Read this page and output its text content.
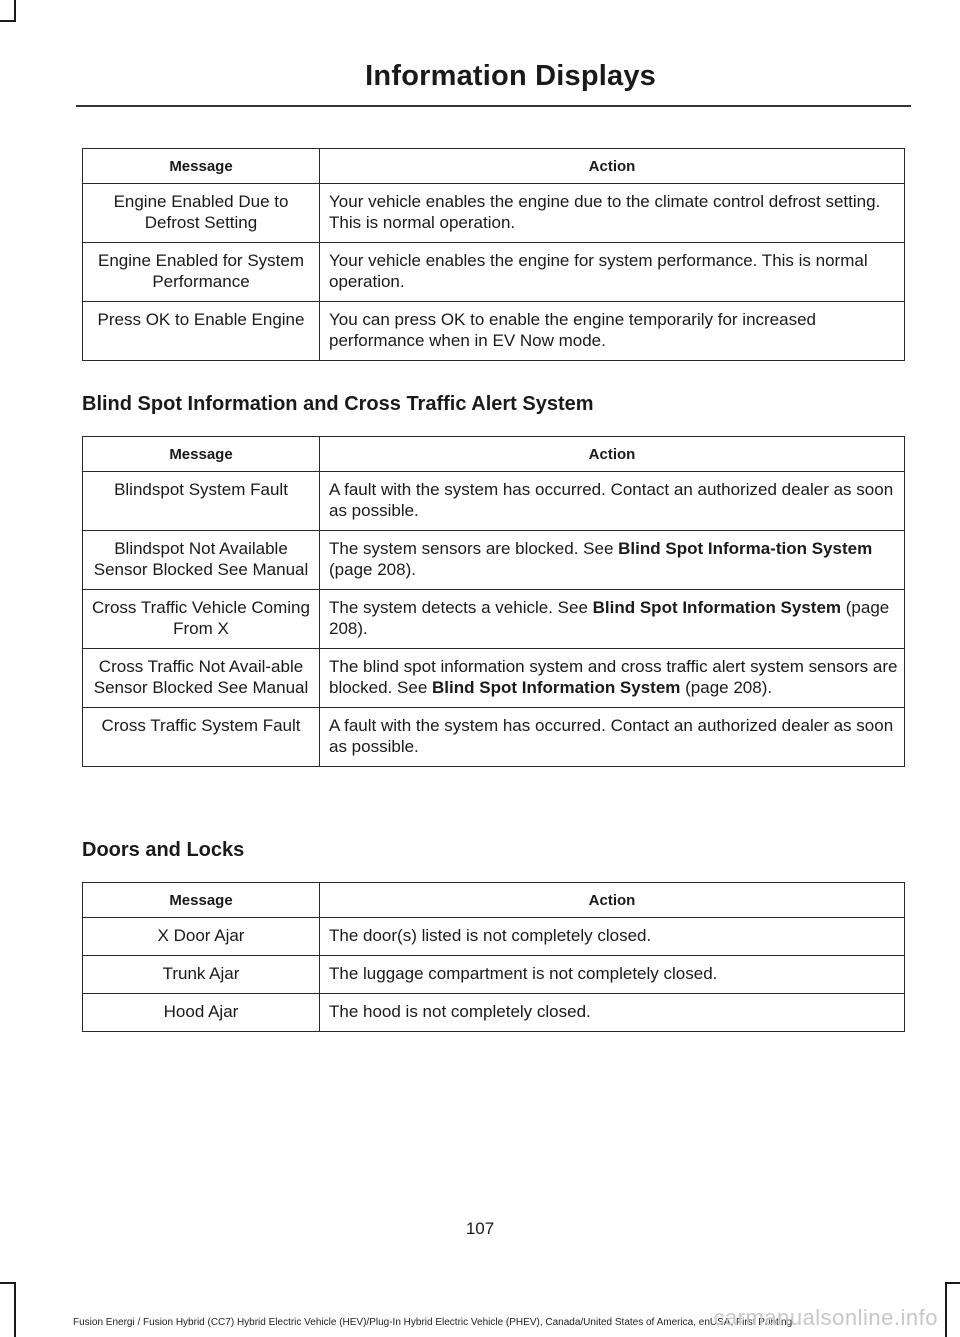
Information Displays
Message	Action
Engine Enabled Due to Defrost Setting	Your vehicle enables the engine due to the climate control defrost setting. This is normal operation.
Engine Enabled for System Performance	Your vehicle enables the engine for system performance. This is normal operation.
Press OK to Enable Engine	You can press OK to enable the engine temporarily for increased performance when in EV Now mode.
Blind Spot Information and Cross Traffic Alert System
Message	Action
Blindspot System Fault	A fault with the system has occurred. Contact an authorized dealer as soon as possible.
Blindspot Not Available Sensor Blocked See Manual	The system sensors are blocked. See Blind Spot Informa-tion System (page 208).
Cross Traffic Vehicle Coming From X	The system detects a vehicle. See Blind Spot Information System (page 208).
Cross Traffic Not Avail-able Sensor Blocked See Manual	The blind spot information system and cross traffic alert system sensors are blocked. See Blind Spot Information System (page 208).
Cross Traffic System Fault	A fault with the system has occurred. Contact an authorized dealer as soon as possible.
Doors and Locks
Message	Action
X Door Ajar	The door(s) listed is not completely closed.
Trunk Ajar	The luggage compartment is not completely closed.
Hood Ajar	The hood is not completely closed.
107
Fusion Energi / Fusion Hybrid (CC7) Hybrid Electric Vehicle (HEV)/Plug-In Hybrid Electric Vehicle (PHEV), Canada/United States of America, enUSA, First Printing
carmanualsonline.info
